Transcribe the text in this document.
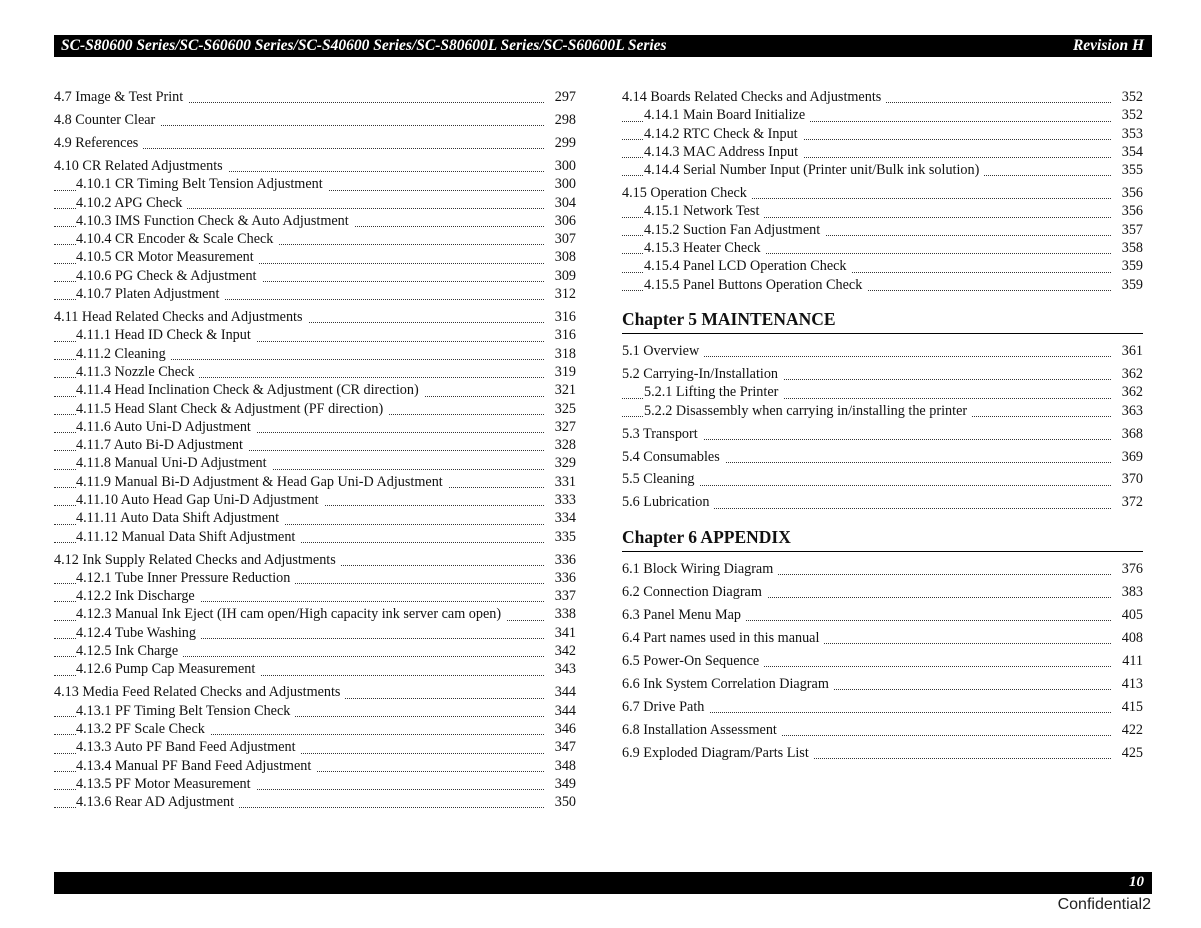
SC-S80600 Series/SC-S60600 Series/SC-S40600 Series/SC-S80600L Series/SC-S60600L Series	Revision H
4.7 Image & Test Print	297
4.8 Counter Clear	298
4.9 References	299
4.10 CR Related Adjustments	300
4.10.1 CR Timing Belt Tension Adjustment	300
4.10.2 APG Check	304
4.10.3 IMS Function Check & Auto Adjustment	306
4.10.4 CR Encoder & Scale Check	307
4.10.5 CR Motor Measurement	308
4.10.6 PG Check & Adjustment	309
4.10.7 Platen Adjustment	312
4.11 Head Related Checks and Adjustments	316
4.11.1 Head ID Check & Input	316
4.11.2 Cleaning	318
4.11.3 Nozzle Check	319
4.11.4 Head Inclination Check & Adjustment (CR direction)	321
4.11.5 Head Slant Check & Adjustment (PF direction)	325
4.11.6 Auto Uni-D Adjustment	327
4.11.7 Auto Bi-D Adjustment	328
4.11.8 Manual Uni-D Adjustment	329
4.11.9 Manual Bi-D Adjustment & Head Gap Uni-D Adjustment	331
4.11.10 Auto Head Gap Uni-D Adjustment	333
4.11.11 Auto Data Shift Adjustment	334
4.11.12 Manual Data Shift Adjustment	335
4.12 Ink Supply Related Checks and Adjustments	336
4.12.1 Tube Inner Pressure Reduction	336
4.12.2 Ink Discharge	337
4.12.3 Manual Ink Eject (IH cam open/High capacity ink server cam open)	338
4.12.4 Tube Washing	341
4.12.5 Ink Charge	342
4.12.6 Pump Cap Measurement	343
4.13 Media Feed Related Checks and Adjustments	344
4.13.1 PF Timing Belt Tension Check	344
4.13.2 PF Scale Check	346
4.13.3 Auto PF Band Feed Adjustment	347
4.13.4 Manual PF Band Feed Adjustment	348
4.13.5 PF Motor Measurement	349
4.13.6 Rear AD Adjustment	350
4.14 Boards Related Checks and Adjustments	352
4.14.1 Main Board Initialize	352
4.14.2 RTC Check & Input	353
4.14.3 MAC Address Input	354
4.14.4 Serial Number Input (Printer unit/Bulk ink solution)	355
4.15 Operation Check	356
4.15.1 Network Test	356
4.15.2 Suction Fan Adjustment	357
4.15.3 Heater Check	358
4.15.4 Panel LCD Operation Check	359
4.15.5 Panel Buttons Operation Check	359
Chapter 5 MAINTENANCE
5.1 Overview	361
5.2 Carrying-In/Installation	362
5.2.1 Lifting the Printer	362
5.2.2 Disassembly when carrying in/installing the printer	363
5.3 Transport	368
5.4 Consumables	369
5.5 Cleaning	370
5.6 Lubrication	372
Chapter 6 APPENDIX
6.1 Block Wiring Diagram	376
6.2 Connection Diagram	383
6.3 Panel Menu Map	405
6.4 Part names used in this manual	408
6.5 Power-On Sequence	411
6.6 Ink System Correlation Diagram	413
6.7 Drive Path	415
6.8 Installation Assessment	422
6.9 Exploded Diagram/Parts List	425
10
Confidential2
